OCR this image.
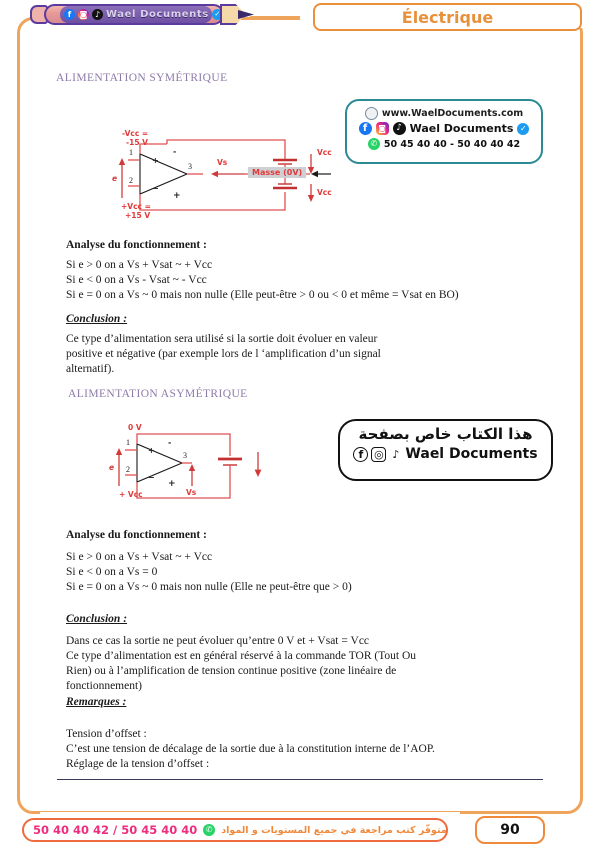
f	◙ ♪ Wael Documents ✓	Électrique
ALIMENTATION SYMÉTRIQUE
www.WaelDocuments.com
f	◙	♪ Wael Documents ✓
✆ 50 45 40 40 - 50 40 40 42
+
−
-
+
1
2
3
e
-Vcc =
-15 V
+Vcc =
+15 V
Vs
Vcc
Vcc
Masse (0V)
Analyse du fonctionnement :
Si e > 0 on a Vs + Vsat ~ + Vcc
Si e < 0 on a Vs - Vsat ~ - Vcc
Si e = 0 on a Vs ~ 0 mais non nulle (Elle peut-être > 0 ou < 0 et même = Vsat en BO)
Conclusion :
Ce type d’alimentation sera utilisé si la sortie doit évoluer en valeur
positive et négative (par exemple lors de l ‘amplification d’un signal
alternatif).
ALIMENTATION ASYMÉTRIQUE
هذا الكتاب خاص بصفحة
f ◎ ♪ Wael Documents
+
−
-
+
1
2
3
e
0 V
+ Vcc	Vs
Analyse du fonctionnement :
Si e > 0 on a Vs + Vsat ~ + Vcc
Si e < 0 on a Vs = 0
Si e = 0 on a Vs ~ 0 mais non nulle (Elle ne peut-être que > 0)
Conclusion :
Dans ce cas la sortie ne peut évoluer qu’entre 0 V et + Vsat = Vcc
Ce type d’alimentation est en général réservé à la commande TOR (Tout Ou
Rien) ou à l’amplification de tension continue positive (zone linéaire de
fonctionnement)
Remarques :
Tension d’offset :
C’est une tension de décalage de la sortie due à la constitution interne de l’AOP.
Réglage de la tension d’offset :
50 40 40 42 / 50 45 40 40	✆ متوفّر كتب مراجعة في جميع المستويات و المواد	90
